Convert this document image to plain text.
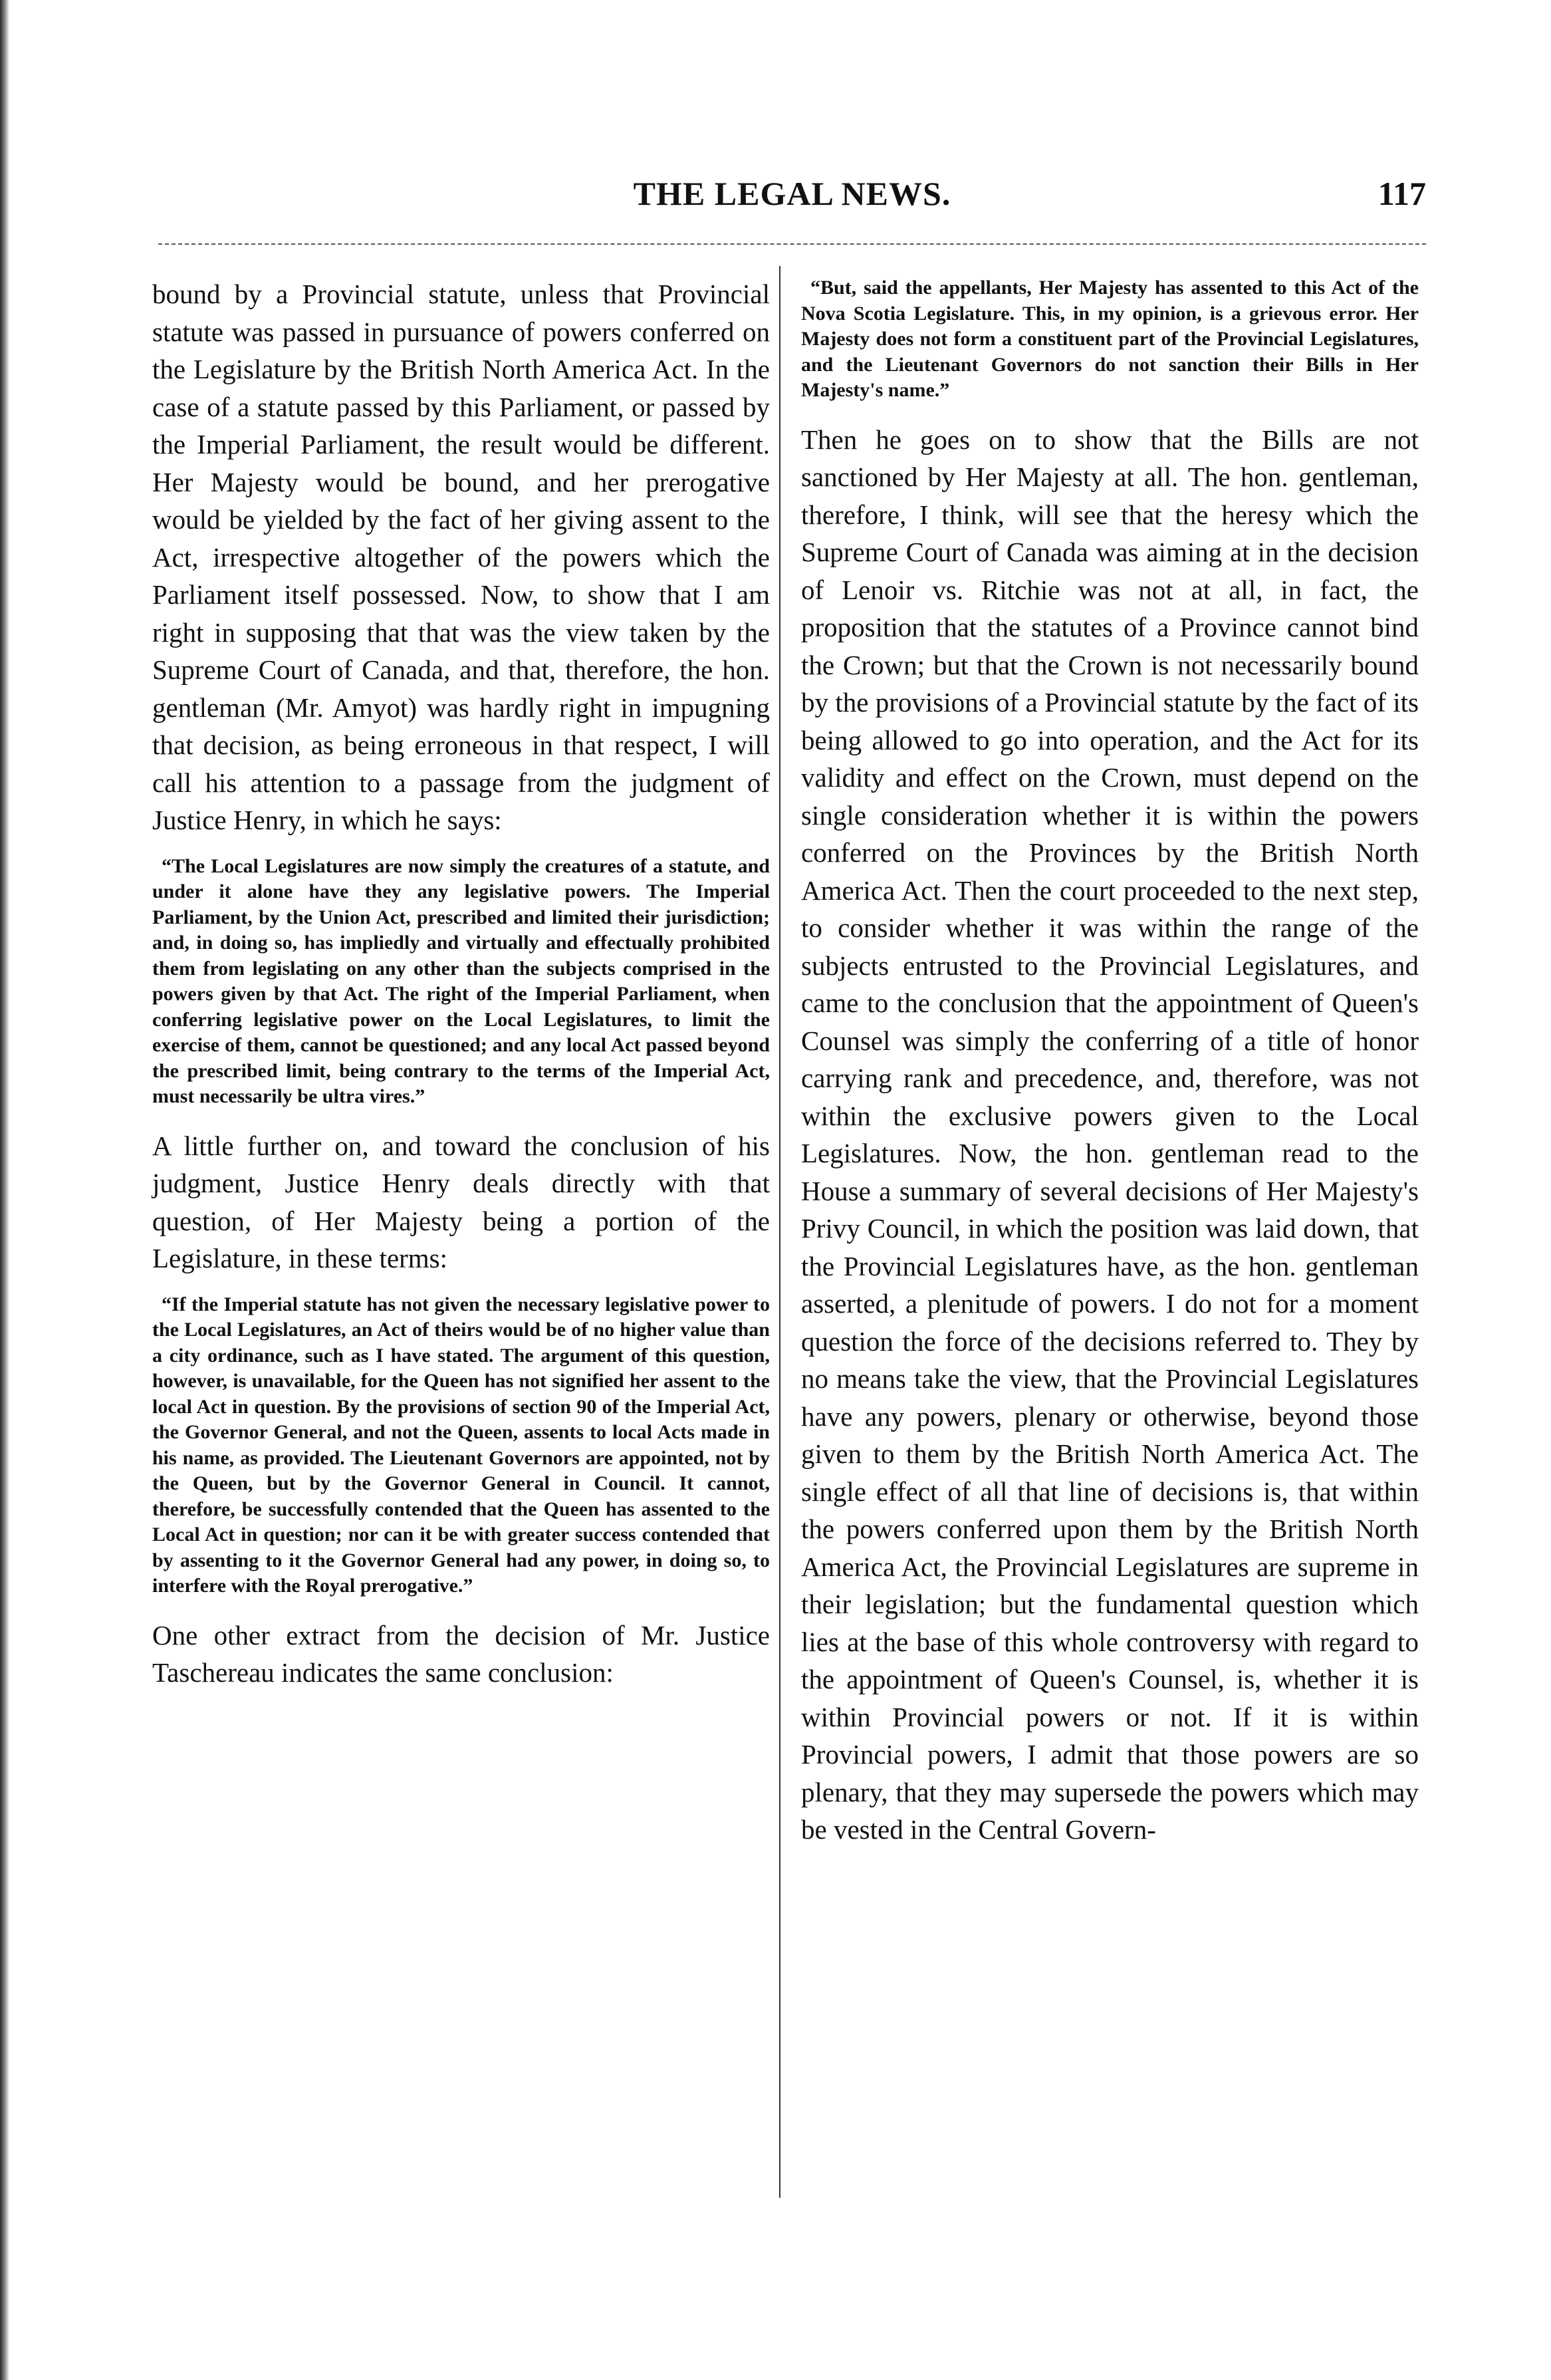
THE LEGAL NEWS.	117

bound by a Provincial statute, unless that Provincial statute was passed in pursuance of powers conferred on the Legislature by the British North America Act. In the case of a statute passed by this Parliament, or passed by the Imperial Parliament, the result would be different. Her Majesty would be bound, and her prerogative would be yielded by the fact of her giving assent to the Act, irrespective altogether of the powers which the Parliament itself possessed. Now, to show that I am right in supposing that that was the view taken by the Supreme Court of Canada, and that, therefore, the hon. gentleman (Mr. Amyot) was hardly right in impugning that decision, as being erroneous in that respect, I will call his attention to a passage from the judgment of Justice Henry, in which he says:

“The Local Legislatures are now simply the creatures of a statute, and under it alone have they any legislative powers. The Imperial Parliament, by the Union Act, prescribed and limited their jurisdiction; and, in doing so, has impliedly and virtually and effectually prohibited them from legislating on any other than the subjects comprised in the powers given by that Act. The right of the Imperial Parliament, when conferring legislative power on the Local Legislatures, to limit the exercise of them, cannot be questioned; and any local Act passed beyond the prescribed limit, being contrary to the terms of the Imperial Act, must necessarily be ultra vires.”

A little further on, and toward the conclusion of his judgment, Justice Henry deals directly with that question, of Her Majesty being a portion of the Legislature, in these terms:

“If the Imperial statute has not given the necessary legislative power to the Local Legislatures, an Act of theirs would be of no higher value than a city ordinance, such as I have stated. The argument of this question, however, is unavailable, for the Queen has not signified her assent to the local Act in question. By the provisions of section 90 of the Imperial Act, the Governor General, and not the Queen, assents to local Acts made in his name, as provided. The Lieutenant Governors are appointed, not by the Queen, but by the Governor General in Council. It cannot, therefore, be successfully contended that the Queen has assented to the Local Act in question; nor can it be with greater success contended that by assenting to it the Governor General had any power, in doing so, to interfere with the Royal prerogative.”

One other extract from the decision of Mr. Justice Taschereau indicates the same conclusion:

“But, said the appellants, Her Majesty has assented to this Act of the Nova Scotia Legislature. This, in my opinion, is a grievous error. Her Majesty does not form a constituent part of the Provincial Legislatures, and the Lieutenant Governors do not sanction their Bills in Her Majesty's name.”

Then he goes on to show that the Bills are not sanctioned by Her Majesty at all. The hon. gentleman, therefore, I think, will see that the heresy which the Supreme Court of Canada was aiming at in the decision of Lenoir vs. Ritchie was not at all, in fact, the proposition that the statutes of a Province cannot bind the Crown; but that the Crown is not necessarily bound by the provisions of a Provincial statute by the fact of its being allowed to go into operation, and the Act for its validity and effect on the Crown, must depend on the single consideration whether it is within the powers conferred on the Provinces by the British North America Act. Then the court proceeded to the next step, to consider whether it was within the range of the subjects entrusted to the Provincial Legislatures, and came to the conclusion that the appointment of Queen's Counsel was simply the conferring of a title of honor carrying rank and precedence, and, therefore, was not within the exclusive powers given to the Local Legislatures. Now, the hon. gentleman read to the House a summary of several decisions of Her Majesty's Privy Council, in which the position was laid down, that the Provincial Legislatures have, as the hon. gentleman asserted, a plenitude of powers. I do not for a moment question the force of the decisions referred to. They by no means take the view, that the Provincial Legislatures have any powers, plenary or otherwise, beyond those given to them by the British North America Act. The single effect of all that line of decisions is, that within the powers conferred upon them by the British North America Act, the Provincial Legislatures are supreme in their legislation; but the fundamental question which lies at the base of this whole controversy with regard to the appointment of Queen's Counsel, is, whether it is within Provincial powers or not. If it is within Provincial powers, I admit that those powers are so plenary, that they may supersede the powers which may be vested in the Central Govern-
